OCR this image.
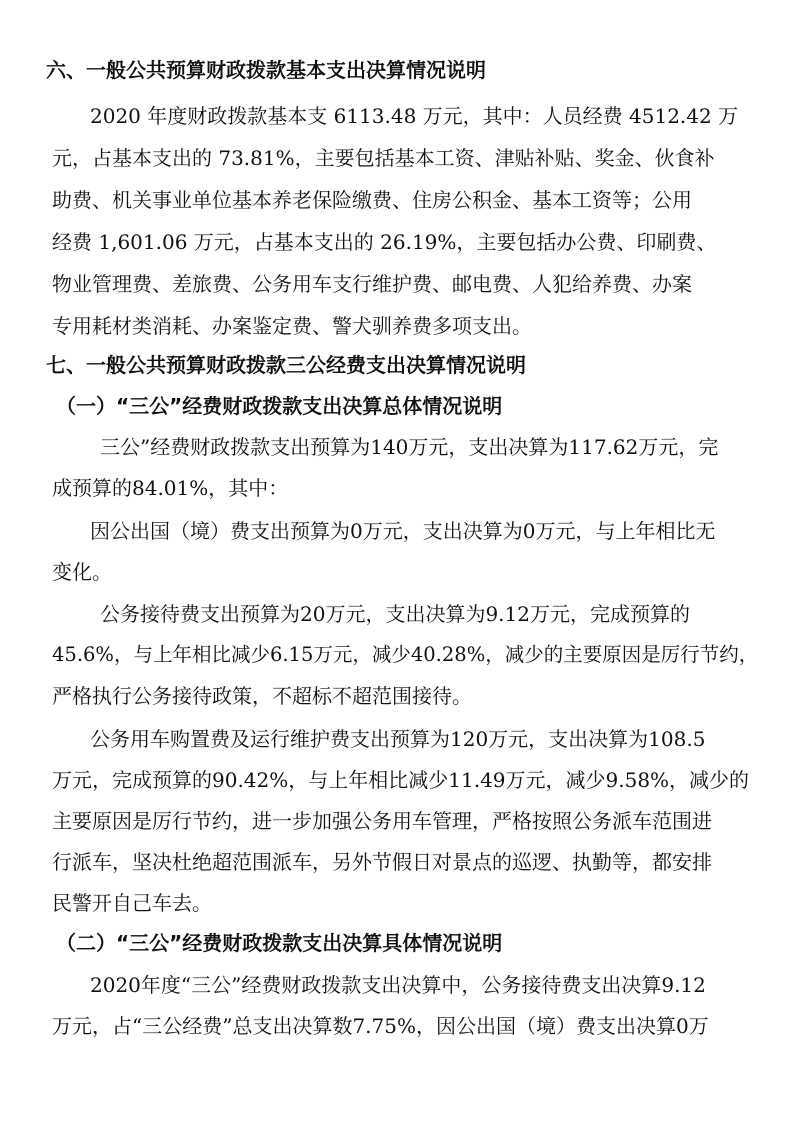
六、一般公共预算财政拨款基本支出决算情况说明
2020 年度财政拨款基本支 6113.48 万元，其中：人员经费 4512.42 万
元，占基本支出的 73.81%，主要包括基本工资、津贴补贴、奖金、伙食补
助费、机关事业单位基本养老保险缴费、住房公积金、基本工资等；公用
经费 1,601.06 万元，占基本支出的 26.19%，主要包括办公费、印刷费、
物业管理费、差旅费、公务用车支行维护费、邮电费、人犯给养费、办案
专用耗材类消耗、办案鉴定费、警犬驯养费多项支出。
七、一般公共预算财政拨款三公经费支出决算情况说明
（一）“三公”经费财政拨款支出决算总体情况说明
三公”经费财政拨款支出预算为140万元，支出决算为117.62万元，完
成预算的84.01%，其中：
因公出国（境）费支出预算为0万元，支出决算为0万元，与上年相比无
变化。
公务接待费支出预算为20万元，支出决算为9.12万元，完成预算的
45.6%，与上年相比减少6.15万元，减少40.28%，减少的主要原因是厉行节约，
严格执行公务接待政策，不超标不超范围接待。
公务用车购置费及运行维护费支出预算为120万元，支出决算为108.5
万元，完成预算的90.42%，与上年相比减少11.49万元，减少9.58%，减少的
主要原因是厉行节约，进一步加强公务用车管理，严格按照公务派车范围进
行派车，坚决杜绝超范围派车，另外节假日对景点的巡逻、执勤等，都安排
民警开自己车去。
（二）“三公”经费财政拨款支出决算具体情况说明
2020年度“三公”经费财政拨款支出决算中，公务接待费支出决算9.12
万元，占“三公经费”总支出决算数7.75%，因公出国（境）费支出决算0万
